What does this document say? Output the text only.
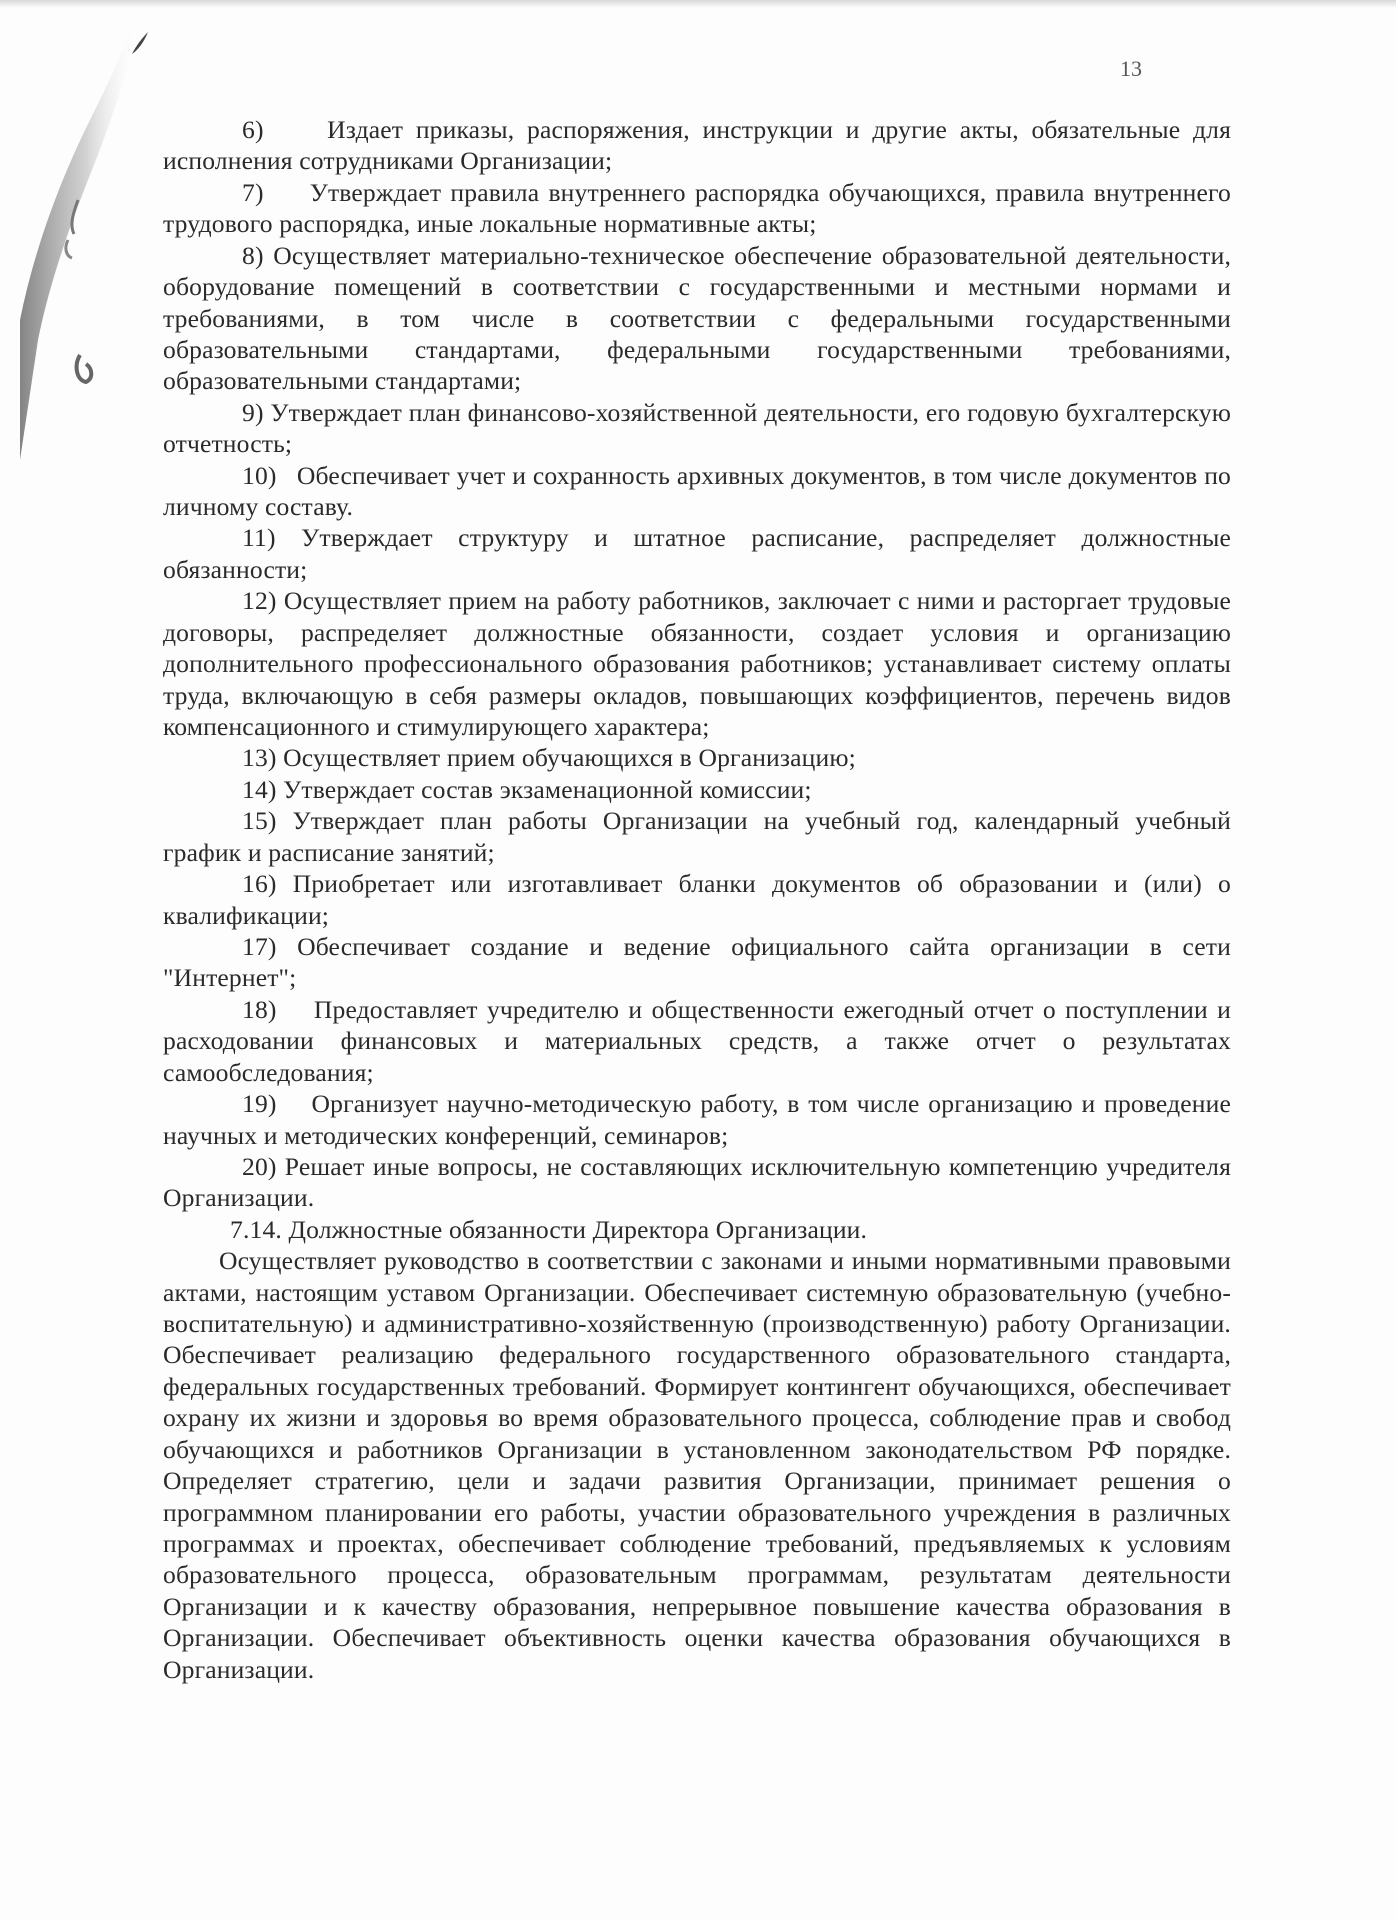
13

6)     Издает приказы, распоряжения, инструкции и другие акты, обязательные для исполнения сотрудниками Организации;

7)     Утверждает правила внутреннего распорядка обучающихся, правила внутреннего трудового распорядка, иные локальные нормативные акты;

8) Осуществляет материально-техническое обеспечение образовательной деятельности, оборудование помещений в соответствии с государственными и местными нормами и требованиями, в том числе в соответствии с федеральными государственными образовательными стандартами, федеральными государственными требованиями, образовательными стандартами;

9) Утверждает план финансово-хозяйственной деятельности, его годовую бухгалтерскую отчетность;

10)   Обеспечивает учет и сохранность архивных документов, в том числе документов по личному составу.

11) Утверждает структуру и штатное расписание, распределяет должностные обязанности;

12) Осуществляет прием на работу работников, заключает с ними и расторгает трудовые договоры, распределяет должностные обязанности, создает условия и организацию дополнительного профессионального образования работников; устанавливает систему оплаты труда, включающую в себя размеры окладов, повышающих коэффициентов, перечень видов компенсационного и стимулирующего характера;

13) Осуществляет прием обучающихся в Организацию;

14) Утверждает состав экзаменационной комиссии;

15) Утверждает план работы Организации на учебный год, календарный учебный график и расписание занятий;

16) Приобретает или изготавливает бланки документов об образовании и (или) о квалификации;

17) Обеспечивает создание и ведение официального сайта организации в сети "Интернет";

18)    Предоставляет учредителю и общественности ежегодный отчет о поступлении и расходовании финансовых и материальных средств, а также отчет о результатах самообследования;

19)    Организует научно-методическую работу, в том числе организацию и проведение научных и методических конференций, семинаров;

20) Решает иные вопросы, не составляющих исключительную компетенцию учредителя Организации.

7.14. Должностные обязанности Директора Организации.

Осуществляет руководство в соответствии с законами и иными нормативными правовыми актами, настоящим уставом Организации. Обеспечивает системную образовательную (учебно-воспитательную) и административно-хозяйственную (производственную) работу Организации. Обеспечивает реализацию федерального государственного образовательного стандарта, федеральных государственных требований. Формирует контингент обучающихся, обеспечивает охрану их жизни и здоровья во время образовательного процесса, соблюдение прав и свобод обучающихся и работников Организации в установленном законодательством РФ порядке. Определяет стратегию, цели и задачи развития Организации, принимает решения о программном планировании его работы, участии образовательного учреждения в различных программах и проектах, обеспечивает соблюдение требований, предъявляемых к условиям образовательного процесса, образовательным программам, результатам деятельности Организации и к качеству образования, непрерывное повышение качества образования в Организации. Обеспечивает объективность оценки качества образования обучающихся в Организации.
